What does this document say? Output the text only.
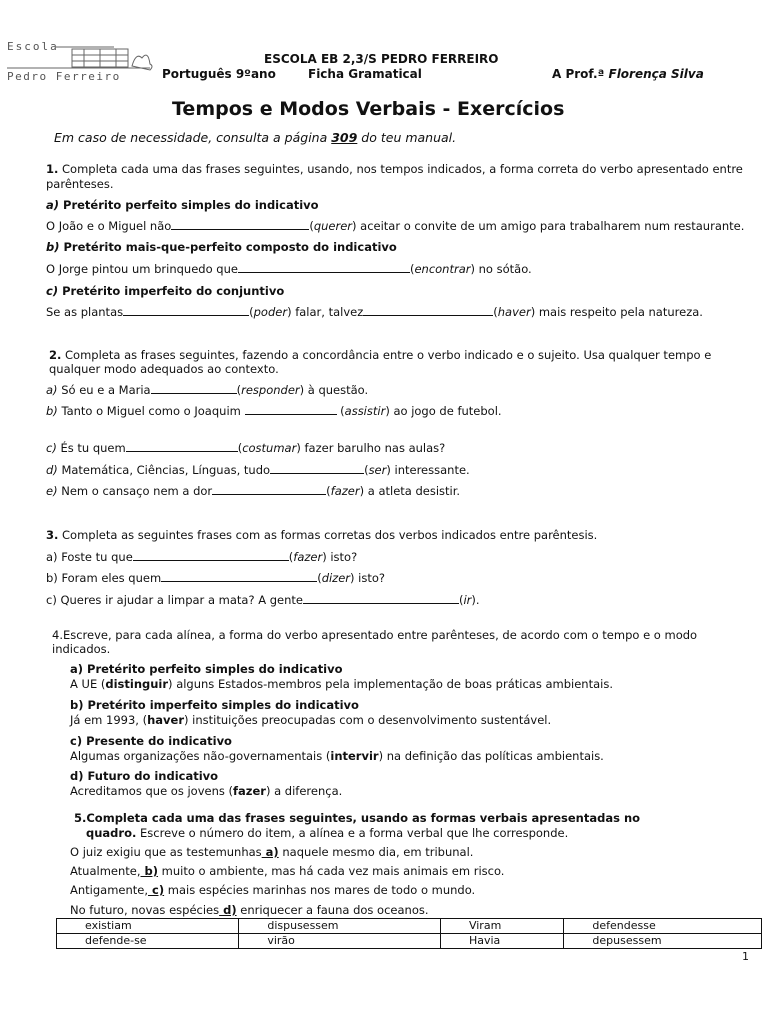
Escola
Pedro Ferreiro
ESCOLA EB 2,3/S PEDRO FERREIRO
Português 9ºano	Ficha Gramatical	A Prof.ª Florença Silva
Tempos e Modos Verbais - Exercícios
Em caso de necessidade, consulta a página 309 do teu manual.
1. Completa cada uma das frases seguintes, usando, nos tempos indicados, a forma correta do verbo apresentado entre
parênteses.
a) Pretérito perfeito simples do indicativo
O João e o Miguel não	(querer) aceitar o convite de um amigo para trabalharem num restaurante.
b) Pretérito mais-que-perfeito composto do indicativo
O Jorge pintou um brinquedo que	(encontrar) no sótão.
c) Pretérito imperfeito do conjuntivo
Se as plantas	(poder) falar, talvez	(haver) mais respeito pela natureza.
2. Completa as frases seguintes, fazendo a concordância entre o verbo indicado e o sujeito. Usa qualquer tempo e
qualquer modo adequados ao contexto.
a) Só eu e a Maria	(responder) à questão.
b) Tanto o Miguel como o Joaquim	(assistir) ao jogo de futebol.
c) És tu quem	(costumar) fazer barulho nas aulas?
d) Matemática, Ciências, Línguas, tudo	(ser) interessante.
e) Nem o cansaço nem a dor	(fazer) a atleta desistir.
3. Completa as seguintes frases com as formas corretas dos verbos indicados entre parêntesis.
a) Foste tu que	(fazer) isto?
b) Foram eles quem	(dizer) isto?
c) Queres ir ajudar a limpar a mata? A gente	(ir).
4.Escreve, para cada alínea, a forma do verbo apresentado entre parênteses, de acordo com o tempo e o modo
indicados.
a) Pretérito perfeito simples do indicativo
A UE (distinguir) alguns Estados-membros pela implementação de boas práticas ambientais.
b) Pretérito imperfeito simples do indicativo
Já em 1993, (haver) instituições preocupadas com o desenvolvimento sustentável.
c) Presente do indicativo
Algumas organizações não-governamentais (intervir) na definição das políticas ambientais.
d) Futuro do indicativo
Acreditamos que os jovens (fazer) a diferença.
5.Completa cada uma das frases seguintes, usando as formas verbais apresentadas no
quadro. Escreve o número do item, a alínea e a forma verbal que lhe corresponde.
O juiz exigiu que as testemunhas a) naquele mesmo dia, em tribunal.
Atualmente, b) muito o ambiente, mas há cada vez mais animais em risco.
Antigamente, c) mais espécies marinhas nos mares de todo o mundo.
No futuro, novas espécies d) enriquecer a fauna dos oceanos.
existiam	dispusessem	Viram	defendesse
defende-se	virão	Havia	depusessem
1
